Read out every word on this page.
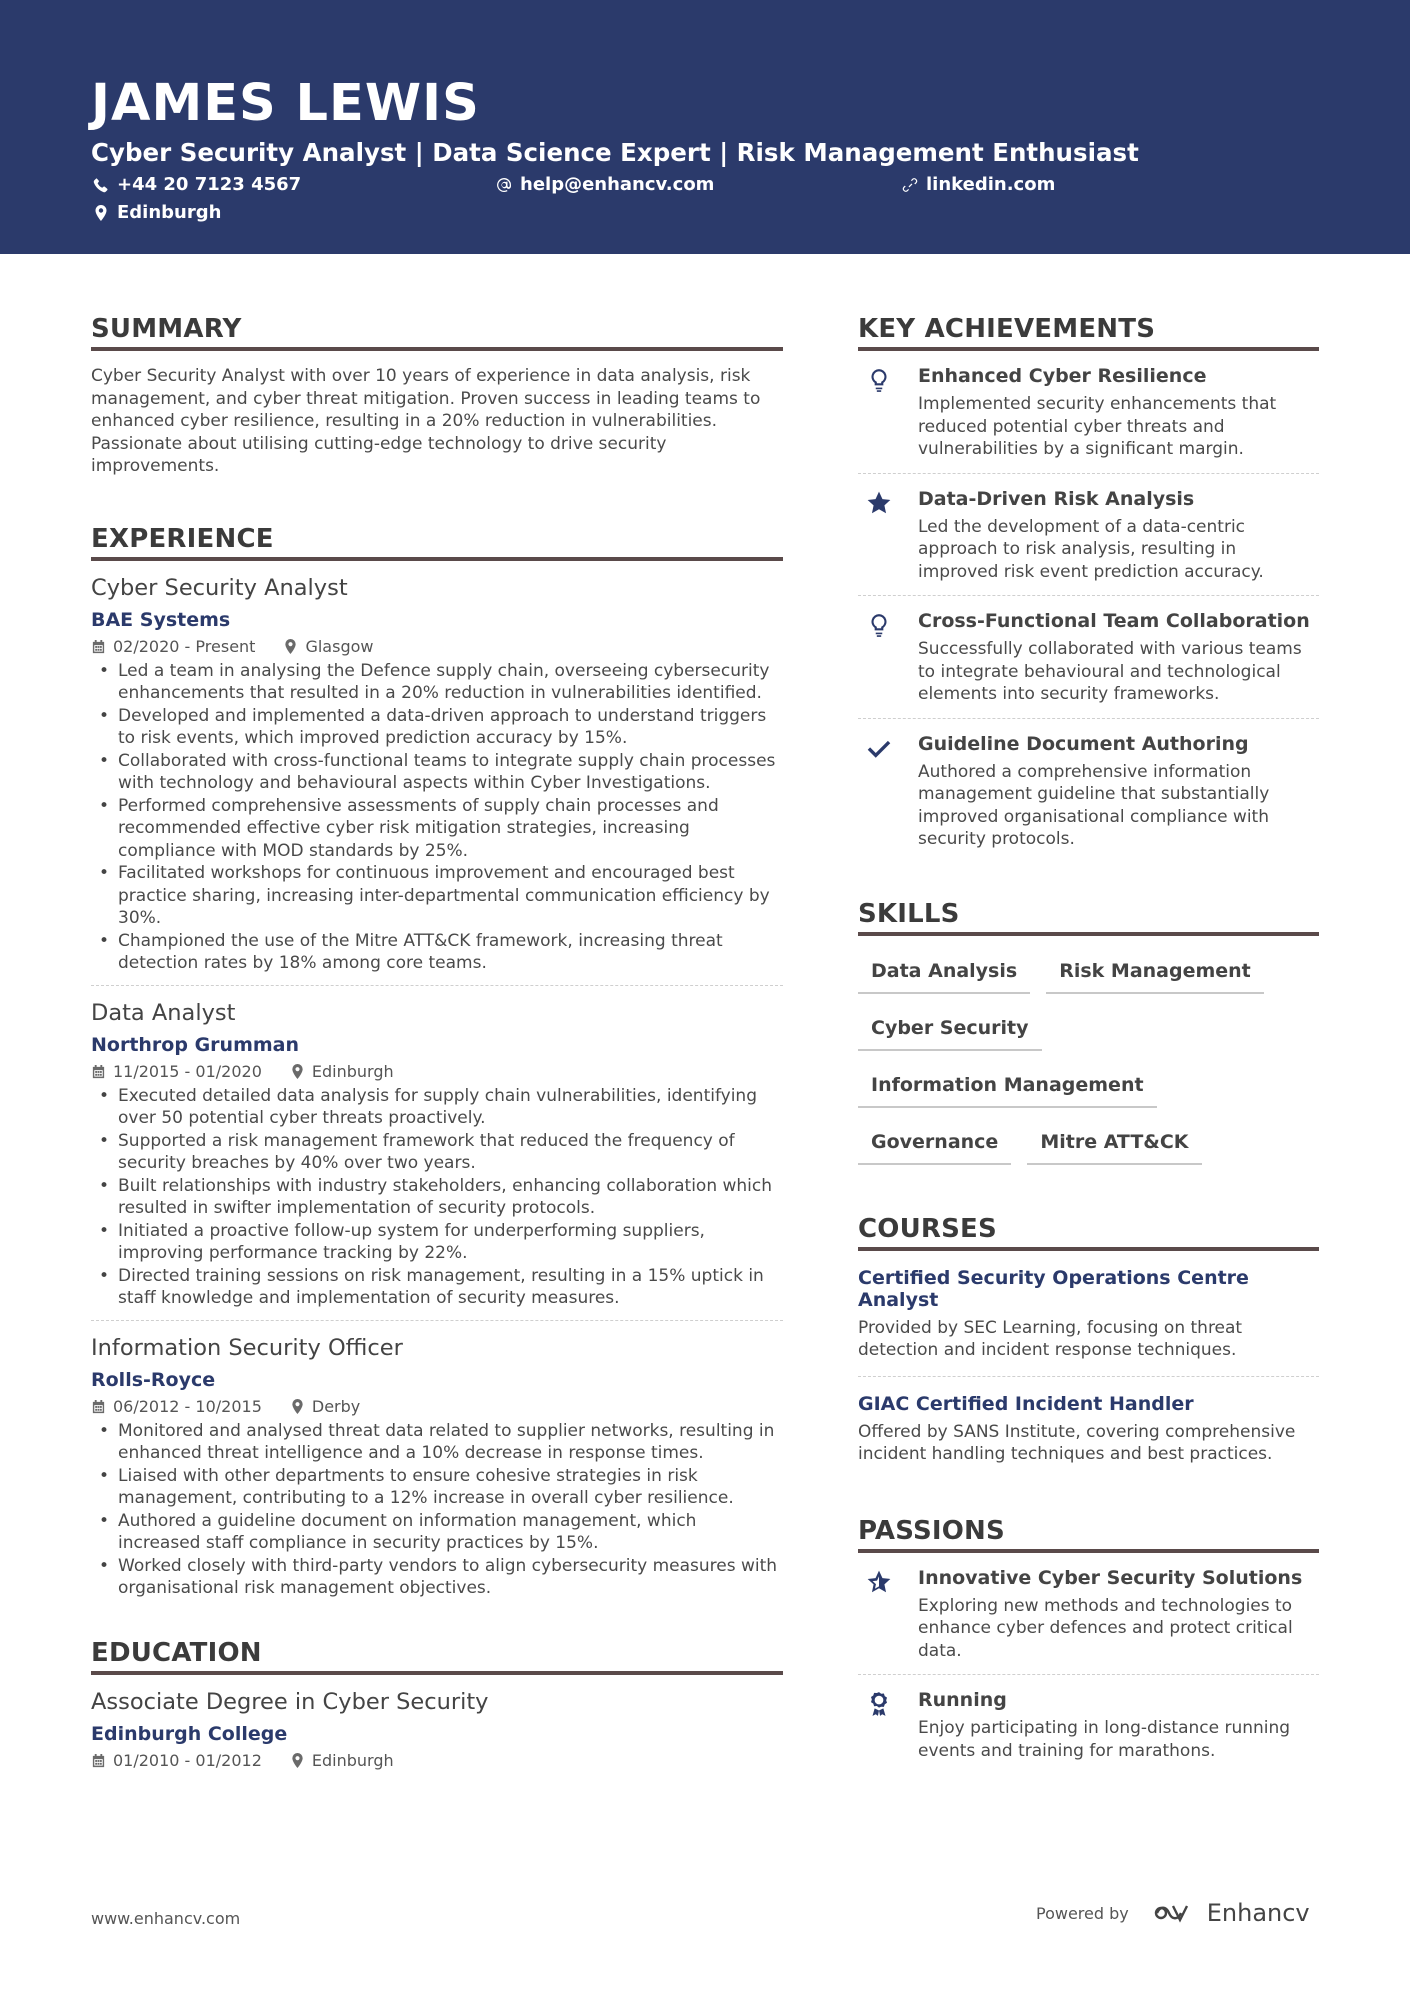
JAMES LEWIS
Cyber Security Analyst | Data Science Expert | Risk Management Enthusiast
+44 20 7123 4567	help@enhancv.com	linkedin.com
Edinburgh
SUMMARY

Cyber Security Analyst with over 10 years of experience in data analysis, risk management, and cyber threat mitigation. Proven success in leading teams to enhanced cyber resilience, resulting in a 20% reduction in vulnerabilities. Passionate about utilising cutting-edge technology to drive security improvements.

EXPERIENCE
Cyber Security Analyst
BAE Systems
02/2020 - Present	Glasgow
• Led a team in analysing the Defence supply chain, overseeing cybersecurity enhancements that resulted in a 20% reduction in vulnerabilities identified.
• Developed and implemented a data-driven approach to understand triggers to risk events, which improved prediction accuracy by 15%.
• Collaborated with cross-functional teams to integrate supply chain processes with technology and behavioural aspects within Cyber Investigations.
• Performed comprehensive assessments of supply chain processes and recommended effective cyber risk mitigation strategies, increasing compliance with MOD standards by 25%.
• Facilitated workshops for continuous improvement and encouraged best practice sharing, increasing inter-departmental communication efficiency by 30%.
• Championed the use of the Mitre ATT&CK framework, increasing threat detection rates by 18% among core teams.
Data Analyst
Northrop Grumman
11/2015 - 01/2020	Edinburgh
• Executed detailed data analysis for supply chain vulnerabilities, identifying over 50 potential cyber threats proactively.
• Supported a risk management framework that reduced the frequency of security breaches by 40% over two years.
• Built relationships with industry stakeholders, enhancing collaboration which resulted in swifter implementation of security protocols.
• Initiated a proactive follow-up system for underperforming suppliers, improving performance tracking by 22%.
• Directed training sessions on risk management, resulting in a 15% uptick in staff knowledge and implementation of security measures.
Information Security Officer
Rolls-Royce
06/2012 - 10/2015	Derby
• Monitored and analysed threat data related to supplier networks, resulting in enhanced threat intelligence and a 10% decrease in response times.
• Liaised with other departments to ensure cohesive strategies in risk management, contributing to a 12% increase in overall cyber resilience.
• Authored a guideline document on information management, which increased staff compliance in security practices by 15%.
• Worked closely with third-party vendors to align cybersecurity measures with organisational risk management objectives.
EDUCATION
Associate Degree in Cyber Security
Edinburgh College
01/2010 - 01/2012	Edinburgh
KEY ACHIEVEMENTS
Enhanced Cyber Resilience
Implemented security enhancements that reduced potential cyber threats and vulnerabilities by a significant margin.
Data-Driven Risk Analysis
Led the development of a data-centric approach to risk analysis, resulting in improved risk event prediction accuracy.
Cross-Functional Team Collaboration
Successfully collaborated with various teams to integrate behavioural and technological elements into security frameworks.
Guideline Document Authoring
Authored a comprehensive information management guideline that substantially improved organisational compliance with security protocols.
SKILLS
Data Analysis	Risk Management
Cyber Security
Information Management
Governance	Mitre ATT&CK
COURSES
Certified Security Operations Centre Analyst
Provided by SEC Learning, focusing on threat detection and incident response techniques.
GIAC Certified Incident Handler
Offered by SANS Institute, covering comprehensive incident handling techniques and best practices.
PASSIONS
Innovative Cyber Security Solutions
Exploring new methods and technologies to enhance cyber defences and protect critical data.
Running
Enjoy participating in long-distance running events and training for marathons.
www.enhancv.com	Powered by	Enhancv
